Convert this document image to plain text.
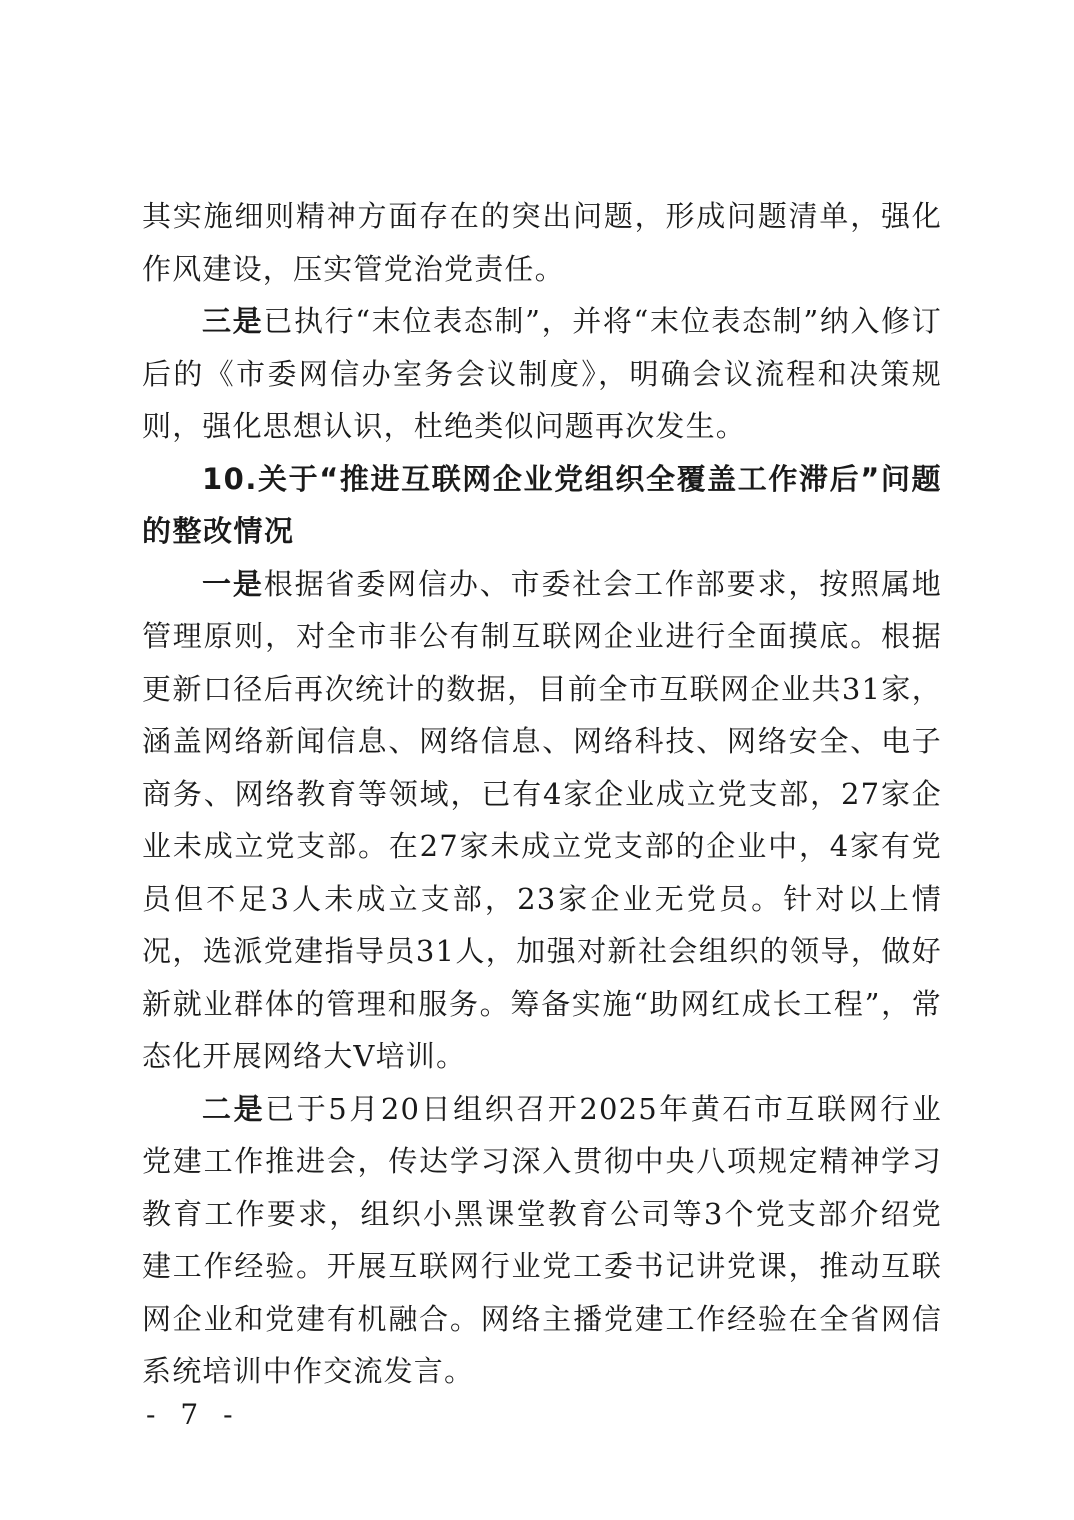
其实施细则精神方面存在的突出问题，形成问题清单，强化作风建设，压实管党治党责任。

三是已执行“末位表态制”，并将“末位表态制”纳入修订后的《市委网信办室务会议制度》，明确会议流程和决策规则，强化思想认识，杜绝类似问题再次发生。

10.关于“推进互联网企业党组织全覆盖工作滞后”问题的整改情况

一是根据省委网信办、市委社会工作部要求，按照属地管理原则，对全市非公有制互联网企业进行全面摸底。根据更新口径后再次统计的数据，目前全市互联网企业共31家，涵盖网络新闻信息、网络信息、网络科技、网络安全、电子商务、网络教育等领域，已有4家企业成立党支部，27家企业未成立党支部。在27家未成立党支部的企业中，4家有党员但不足3人未成立支部，23家企业无党员。针对以上情况，选派党建指导员31人，加强对新社会组织的领导，做好新就业群体的管理和服务。筹备实施“助网红成长工程”，常态化开展网络大V培训。

二是已于5月20日组织召开2025年黄石市互联网行业党建工作推进会，传达学习深入贯彻中央八项规定精神学习教育工作要求，组织小黑课堂教育公司等3个党支部介绍党建工作经验。开展互联网行业党工委书记讲党课，推动互联网企业和党建有机融合。网络主播党建工作经验在全省网信系统培训中作交流发言。

- 7 -
